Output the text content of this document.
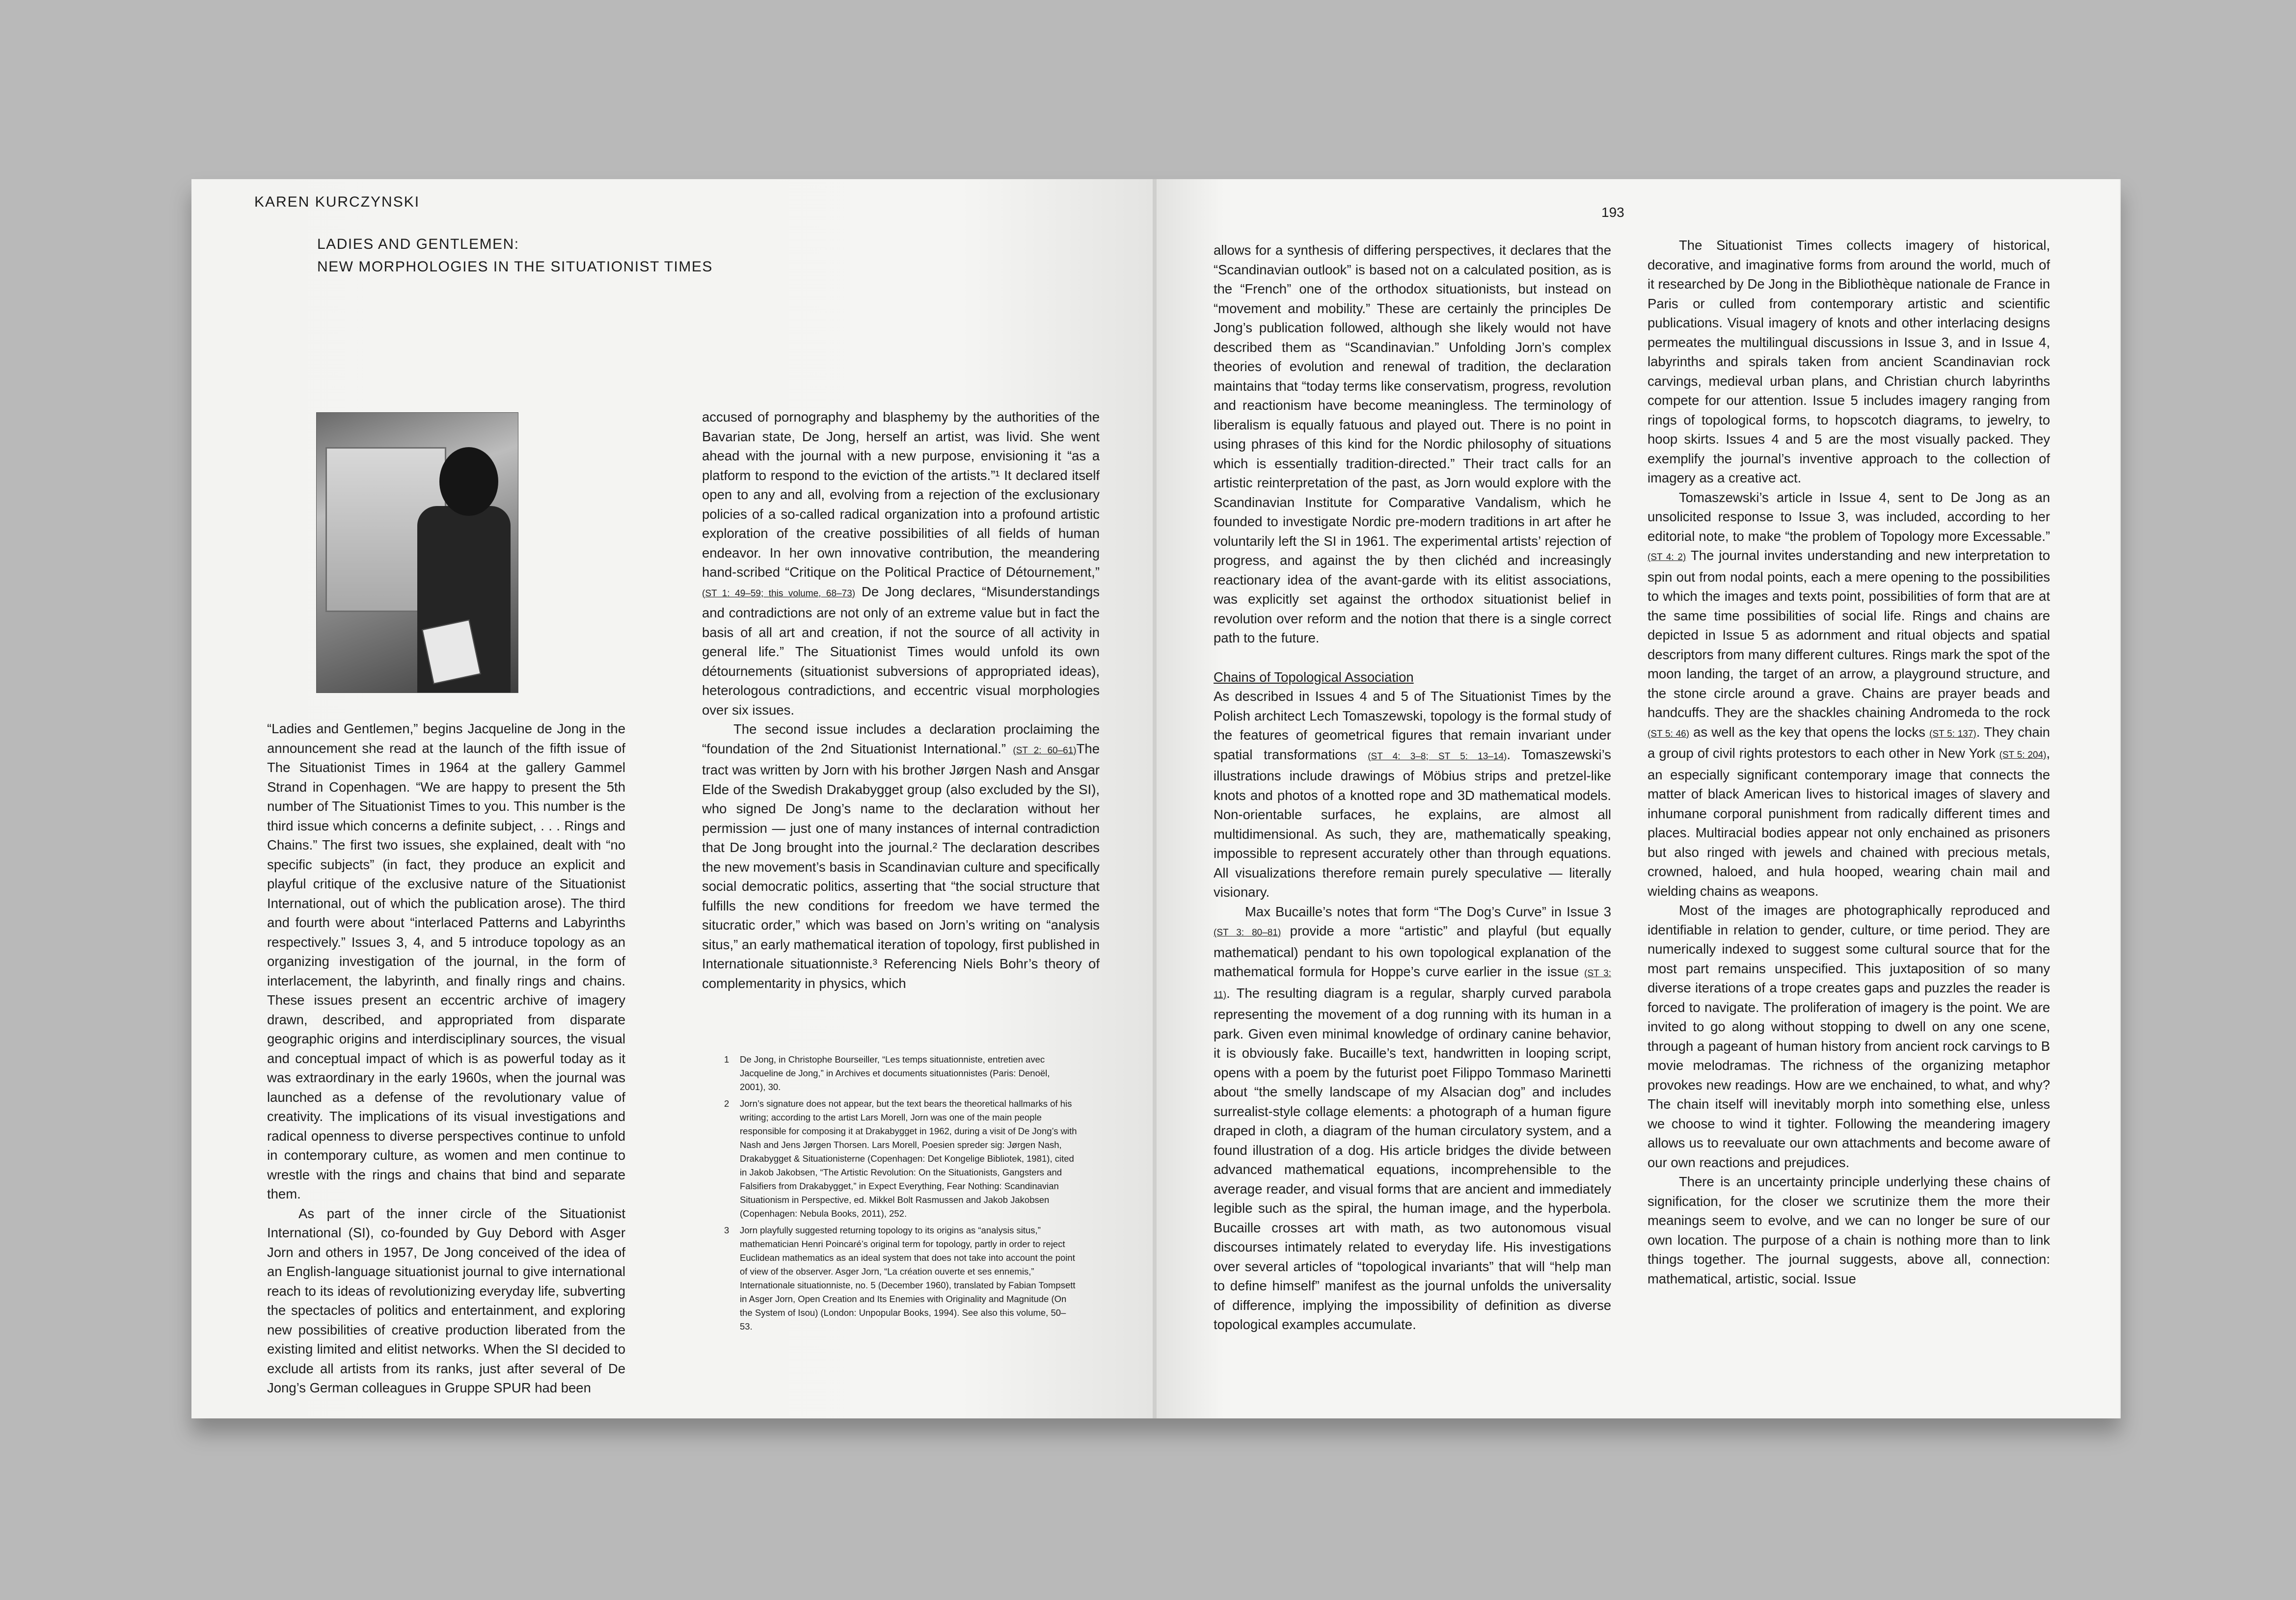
KAREN KURCZYNSKI
LADIES AND GENTLEMEN:
NEW MORPHOLOGIES IN THE SITUATIONIST TIMES

“Ladies and Gentlemen,” begins Jacqueline de Jong in the announcement she read at the launch of the fifth issue of The Situationist Times in 1964 at the gallery Gammel Strand in Copenhagen. “We are happy to present the 5th number of The Situationist Times to you. This number is the third issue which concerns a definite subject, . . . Rings and Chains.” The first two issues, she explained, dealt with “no specific subjects” (in fact, they produce an explicit and playful critique of the exclusive nature of the Situationist International, out of which the publication arose). The third and fourth were about “interlaced Patterns and Labyrinths respectively.” Issues 3, 4, and 5 introduce topology as an organizing investigation of the journal, in the form of interlacement, the labyrinth, and finally rings and chains. These issues present an eccentric archive of imagery drawn, described, and appropriated from disparate geographic origins and interdisciplinary sources, the visual and conceptual impact of which is as powerful today as it was extraordinary in the early 1960s, when the journal was launched as a defense of the revolutionary value of creativity. The implications of its visual investigations and radical openness to diverse perspectives continue to unfold in contemporary culture, as women and men continue to wrestle with the rings and chains that bind and separate them.

As part of the inner circle of the Situationist International (SI), co-founded by Guy Debord with Asger Jorn and others in 1957, De Jong conceived of the idea of an English-language situationist journal to give international reach to its ideas of revolutionizing everyday life, subverting the spectacles of politics and entertainment, and exploring new possibilities of creative production liberated from the existing limited and elitist networks. When the SI decided to exclude all artists from its ranks, just after several of De Jong’s German colleagues in Gruppe SPUR had been

accused of pornography and blasphemy by the authorities of the Bavarian state, De Jong, herself an artist, was livid. She went ahead with the journal with a new purpose, envisioning it “as a platform to respond to the eviction of the artists.”¹ It declared itself open to any and all, evolving from a rejection of the exclusionary policies of a so-called radical organization into a profound artistic exploration of the creative possibilities of all fields of human endeavor. In her own innovative contribution, the meandering hand-scribed “Critique on the Political Practice of Détournement,” (ST 1: 49–59; this volume, 68–73) De Jong declares, “Misunderstandings and contradictions are not only of an extreme value but in fact the basis of all art and creation, if not the source of all activity in general life.” The Situationist Times would unfold its own détournements (situationist subversions of appropriated ideas), heterologous contradictions, and eccentric visual morphologies over six issues.

The second issue includes a declaration proclaiming the “foundation of the 2nd Situationist International.” (ST 2: 60–61)The tract was written by Jorn with his brother Jørgen Nash and Ansgar Elde of the Swedish Drakabygget group (also excluded by the SI), who signed De Jong’s name to the declaration without her permission — just one of many instances of internal contradiction that De Jong brought into the journal.² The declaration describes the new movement’s basis in Scandinavian culture and specifically social democratic politics, asserting that “the social structure that fulfills the new conditions for freedom we have termed the situcratic order,” which was based on Jorn’s writing on “analysis situs,” an early mathematical iteration of topology, first published in Internationale situationniste.³ Referencing Niels Bohr’s theory of complementarity in physics, which

1 De Jong, in Christophe Bourseiller, “Les temps situationniste, entretien avec Jacqueline de Jong,” in Archives et documents situationnistes (Paris: Denoël, 2001), 30.
2 Jorn’s signature does not appear, but the text bears the theoretical hallmarks of his writing; according to the artist Lars Morell, Jorn was one of the main people responsible for composing it at Drakabygget in 1962, during a visit of De Jong’s with Nash and Jens Jørgen Thorsen. Lars Morell, Poesien spreder sig: Jørgen Nash, Drakabygget & Situationisterne (Copenhagen: Det Kongelige Bibliotek, 1981), cited in Jakob Jakobsen, “The Artistic Revolution: On the Situationists, Gangsters and Falsifiers from Drakabygget,” in Expect Everything, Fear Nothing: Scandinavian Situationism in Perspective, ed. Mikkel Bolt Rasmussen and Jakob Jakobsen (Copenhagen: Nebula Books, 2011), 252.
3 Jorn playfully suggested returning topology to its origins as “analysis situs,” mathematician Henri Poincaré’s original term for topology, partly in order to reject Euclidean mathematics as an ideal system that does not take into account the point of view of the observer. Asger Jorn, “La création ouverte et ses ennemis,” Internationale situationniste, no. 5 (December 1960), translated by Fabian Tompsett in Asger Jorn, Open Creation and Its Enemies with Originality and Magnitude (On the System of Isou) (London: Unpopular Books, 1994). See also this volume, 50–53.
193

allows for a synthesis of differing perspectives, it declares that the “Scandinavian outlook” is based not on a calculated position, as is the “French” one of the orthodox situationists, but instead on “movement and mobility.” These are certainly the principles De Jong’s publication followed, although she likely would not have described them as “Scandinavian.” Unfolding Jorn’s complex theories of evolution and renewal of tradition, the declaration maintains that “today terms like conservatism, progress, revolution and reactionism have become meaningless. The terminology of liberalism is equally fatuous and played out. There is no point in using phrases of this kind for the Nordic philosophy of situations which is essentially tradition-directed.” Their tract calls for an artistic reinterpretation of the past, as Jorn would explore with the Scandinavian Institute for Comparative Vandalism, which he founded to investigate Nordic pre-modern traditions in art after he voluntarily left the SI in 1961. The experimental artists’ rejection of progress, and against the by then clichéd and increasingly reactionary idea of the avant-garde with its elitist associations, was explicitly set against the orthodox situationist belief in revolution over reform and the notion that there is a single correct path to the future.

Chains of Topological Association

As described in Issues 4 and 5 of The Situationist Times by the Polish architect Lech Tomaszewski, topology is the formal study of the features of geometrical figures that remain invariant under spatial transformations (ST 4: 3–8; ST 5: 13–14). Tomaszewski’s illustrations include drawings of Möbius strips and pretzel-like knots and photos of a knotted rope and 3D mathematical models. Non-orientable surfaces, he explains, are almost all multidimensional. As such, they are, mathematically speaking, impossible to represent accurately other than through equations. All visualizations therefore remain purely speculative — literally visionary.

Max Bucaille’s notes that form “The Dog’s Curve” in Issue 3 (ST 3: 80–81) provide a more “artistic” and playful (but equally mathematical) pendant to his own topological explanation of the mathematical formula for Hoppe’s curve earlier in the issue (ST 3: 11). The resulting diagram is a regular, sharply curved parabola representing the movement of a dog running with its human in a park. Given even minimal knowledge of ordinary canine behavior, it is obviously fake. Bucaille’s text, handwritten in looping script, opens with a poem by the futurist poet Filippo Tommaso Marinetti about “the smelly landscape of my Alsacian dog” and includes surrealist-style collage elements: a photograph of a human figure draped in cloth, a diagram of the human circulatory system, and a found illustration of a dog. His article bridges the divide between advanced mathematical equations, incomprehensible to the average reader, and visual forms that are ancient and immediately legible such as the spiral, the human image, and the hyperbola. Bucaille crosses art with math, as two autonomous visual discourses intimately related to everyday life. His investigations over several articles of “topological invariants” that will “help man to define himself” manifest as the journal unfolds the universality of difference, implying the impossibility of definition as diverse topological examples accumulate.

The Situationist Times collects imagery of historical, decorative, and imaginative forms from around the world, much of it researched by De Jong in the Bibliothèque nationale de France in Paris or culled from contemporary artistic and scientific publications. Visual imagery of knots and other interlacing designs permeates the multilingual discussions in Issue 3, and in Issue 4, labyrinths and spirals taken from ancient Scandinavian rock carvings, medieval urban plans, and Christian church labyrinths compete for our attention. Issue 5 includes imagery ranging from rings of topological forms, to hopscotch diagrams, to jewelry, to hoop skirts. Issues 4 and 5 are the most visually packed. They exemplify the journal’s inventive approach to the collection of imagery as a creative act.

Tomaszewski’s article in Issue 4, sent to De Jong as an unsolicited response to Issue 3, was included, according to her editorial note, to make “the problem of Topology more Excessable.” (ST 4: 2) The journal invites understanding and new interpretation to spin out from nodal points, each a mere opening to the possibilities to which the images and texts point, possibilities of form that are at the same time possibilities of social life. Rings and chains are depicted in Issue 5 as adornment and ritual objects and spatial descriptors from many different cultures. Rings mark the spot of the moon landing, the target of an arrow, a playground structure, and the stone circle around a grave. Chains are prayer beads and handcuffs. They are the shackles chaining Andromeda to the rock (ST 5: 46) as well as the key that opens the locks (ST 5: 137). They chain a group of civil rights protestors to each other in New York (ST 5: 204), an especially significant contemporary image that connects the matter of black American lives to historical images of slavery and inhumane corporal punishment from radically different times and places. Multiracial bodies appear not only enchained as prisoners but also ringed with jewels and chained with precious metals, crowned, haloed, and hula hooped, wearing chain mail and wielding chains as weapons.

Most of the images are photographically reproduced and identifiable in relation to gender, culture, or time period. They are numerically indexed to suggest some cultural source that for the most part remains unspecified. This juxtaposition of so many diverse iterations of a trope creates gaps and puzzles the reader is forced to navigate. The proliferation of imagery is the point. We are invited to go along without stopping to dwell on any one scene, through a pageant of human history from ancient rock carvings to B movie melodramas. The richness of the organizing metaphor provokes new readings. How are we enchained, to what, and why? The chain itself will inevitably morph into something else, unless we choose to wind it tighter. Following the meandering imagery allows us to reevaluate our own attachments and become aware of our own reactions and prejudices.

There is an uncertainty principle underlying these chains of signification, for the closer we scrutinize them the more their meanings seem to evolve, and we can no longer be sure of our own location. The purpose of a chain is nothing more than to link things together. The journal suggests, above all, connection: mathematical, artistic, social. Issue
